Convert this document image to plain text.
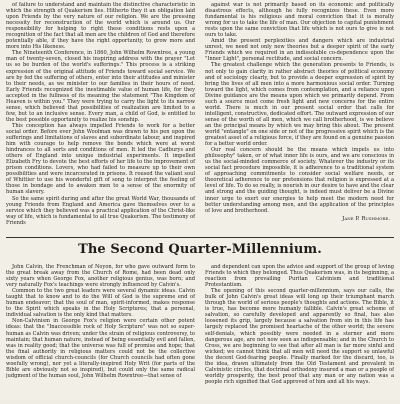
of failure to understand and maintain the distinctive characteristic in which the strength of Quakerism lies. Hitherto they it an obligation laid upon Friends by the very nature of our religion. We are the pressing necessity for reconstruction of the world which is around us. Our responsibility for helping to right these conditions rests upon a recognition of the fact that all men are the children of God and therefore potentially able, if they have the right opportunity, to grow more and more into His likeness.

The Nineteenth Conference, in 1860, John Wilhelm Rowntree, a young man of twenty-seven, closed his inspiring address with the prayer "Let us so be burden of the world's sufferings." This process is a striking expression of the original attitude of Friends toward social service. We are by fed the suffering of others, enter into their attitudes and minister to their needs, as we minister to our families in their hours of need. Early Friends recognized the inestimable value of human life, for they accepted in the fullness of its meaning the statement "The Kingdom of Heaven is within you." They were trying to carry the light to its narrow sense, which believed that possibilities of realization are limited to a few, but to an inclusive sense. Every man, a child of God, is entitled to the best possible opportunity to realize his sonship.

This conception has always impelled Friends to work for a better social order. Before ever John Woolman was drawn to his pen upon the sufferings and limitations of slaves and subordinate labour, and inspired him with courage to help remove the bonds which were at worst hindrances to all sorts and conditions of men. It led the Cadburys and others of England into unique industrial experiments. It impelled Elizabeth Fry to devote the best efforts of her life to the improvement of prison conditions. Lovers, who had failed to measure up to their own possibilities and were incarcerated in prisons. It roused the valiant soul of Whittier to use his wonderful gift of song to interpret the feeling of those in bondage and to awaken men to a sense of the enormity of human slavery.

So the same spirit during and after the great World War, thousands of young Friends from England and America gave themselves over to a service which they believed was a practical application of the Christ-like way of life, which is fundamental to all true Quakerism. The testimony of Friends

against war is not primarily based on its economic and politically disastrous effects, although he fully recognizes these. Even more fundamental is his religious and moral conviction that it is morally wrong for us to take the life of man. Our objection to capital punishment rests upon the same conviction that life which is not ours to give is not ours to take.

Amid the present perplexities and dangers which are industrial unrest, we need not only new theories but a deeper spirit of the early Friends which we required in an indissoluble co-dependence upon the "Inner Light", personal rectitude, and social concern.

The greatest challenge which the generation presents to Friends, is not only to gain clarity in rather abstract theories of political economy and of sociology clearly, but to provide a deeper expression of spirit by bring the lives of all men into a more harmonious social order. Turning toward the light, which comes from contemplation, and a reliance upon Divine guidance are the means upon which we primarily depend. From such a source must come fresh light and new concerns for the entire world. There is much in our present social order that calls for intelligent, constructive, dedicated effort. The outward expression of our sense of the worth of all men, which we call brotherhood, is we believe an the principal means by which we may bring this about. The present world "entangle" on one side or not of the progressive spirit which is the greatest asset of a religious force, if they are found on a genuine passion for a better world order.

Our real concern should be the means which impels us into philosophy" taken, or of what inner life is ours, and we are conscious in us the social-minded commerce of society. Whatever the industry or its social fact procedure impossible, it is adherence to a traditional system of approaching commitments to consider social welfare needs, or theoretical adherence to our pretensions that religion is expressed at a level of life. To do so really, is nourish in our desire to have and the clear and strong and the guiding thought, is indeed must deliver be a Divine inner urge to exert our energies to help meet the modern need for better understanding among men, and the application of the principles of love and brotherhood.

Jane P. Rushmore.
The Second Quarter-Millennium.

John Calvin, the Frenchman of Noyon, for who gave outward form to the great break away from the Church of Rome, had been dead only sixty years when George Fox, another religious genius, was born; and very naturally Fox's teachings were strongly influenced by Calvin's.

Common to the two great leaders were several dynamic ideas. Calvin taught that to know and to do the Will of God is the supreme end of human endeavor; that the soul of man, spirit-informed, makes response to the Spirit which speaks in the Holy Scriptures; that a personal, individual salvation is the only kind that matters.

Non-Calvinism in George Fox's religion were certain other potent ideas: that the "Inaccessible rock of Holy Scripture" was not so super-human as Calvin was driven; under the strain of religious controversy, to maintain; that human nature, instead of being essentially evil and fallen, was in reality good; that the universe was full of promise and hope; that the final authority in religious matters could not be the collective wisdom of official church-councils (for Church councils had often gone woefully wrong), nor yet a literally-inspired Holy Writ (for parts of the Bible are obviously not so inspired), but could only the same radical judgment of the human soul, John Wilhelm Rowntree—that sense of

and dependent can upon the advice and support of the group of loving Friends to which they belonged. Thus Quakerism was, in its beginning, a reaction from prevailing Puritan Calvinism and traditional Protestantism.

The opening of this second quarter-millennium, says our calls, the bulk of John Calvin's great ideas will long up their triumphant march through the world of serious people's thoughts and actions. The Bible, it is true, has become more humanly fallible. Calvin's great scheme of salvation, so carefully developed and apparently so final, has also loosened its grip, largely because a salvation from sin in this life has largely replaced the promised heartache of the other world; the severe self-denials, which possibly were needed in a sterner and more dangerous age, are not now seen as indispensable; and in the Church to Cross, we are beginning to see that after all man is far more sinful and wicked; we cannot think that all men will need the support so unlawful the decent God-fearing people. Finally marked for the discard, too, is the idea, drawn ultimately from the Old Testament and prevalent in Calvinistic circles, that doctrinal orthodoxy insured a man or a people of worldly prosperity, the best proof that any man or any nation was a people rich signified that God approved of him and all his ways.
